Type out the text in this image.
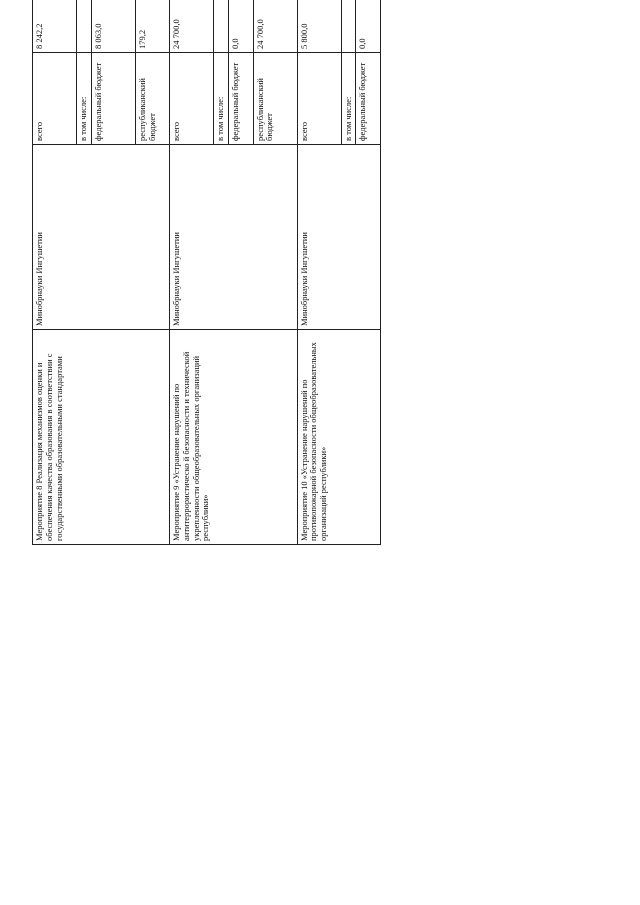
Мероприятие 8 Реализация механизмов оценки и обеспечения качества образования в соответствии с государственными образовательными стандартами	Минобрнауки Ингушетии	всего	8 242,2												
		в том числе:													
		федеральный бюджет	8 063,0												
		республиканский бюджет	179,2												
Мероприятие 9 «Устранение нарушений по антитеррористическо й безопасности и технической укрепленности общеобразовательных организаций республики»	Минобрнауки Ингушетии	всего	24 700,0												
		в том числе:													
		федеральный бюджет	0,0												
		республиканский бюджет	24 700,0												
Мероприятие 10 «Устранение нарушений по противопожарной безопасности общеобразовательных организаций республики»	Минобрнауки Ингушетии	всего	5 800,0												
		в том числе:													
		федеральный бюджет	0,0												
